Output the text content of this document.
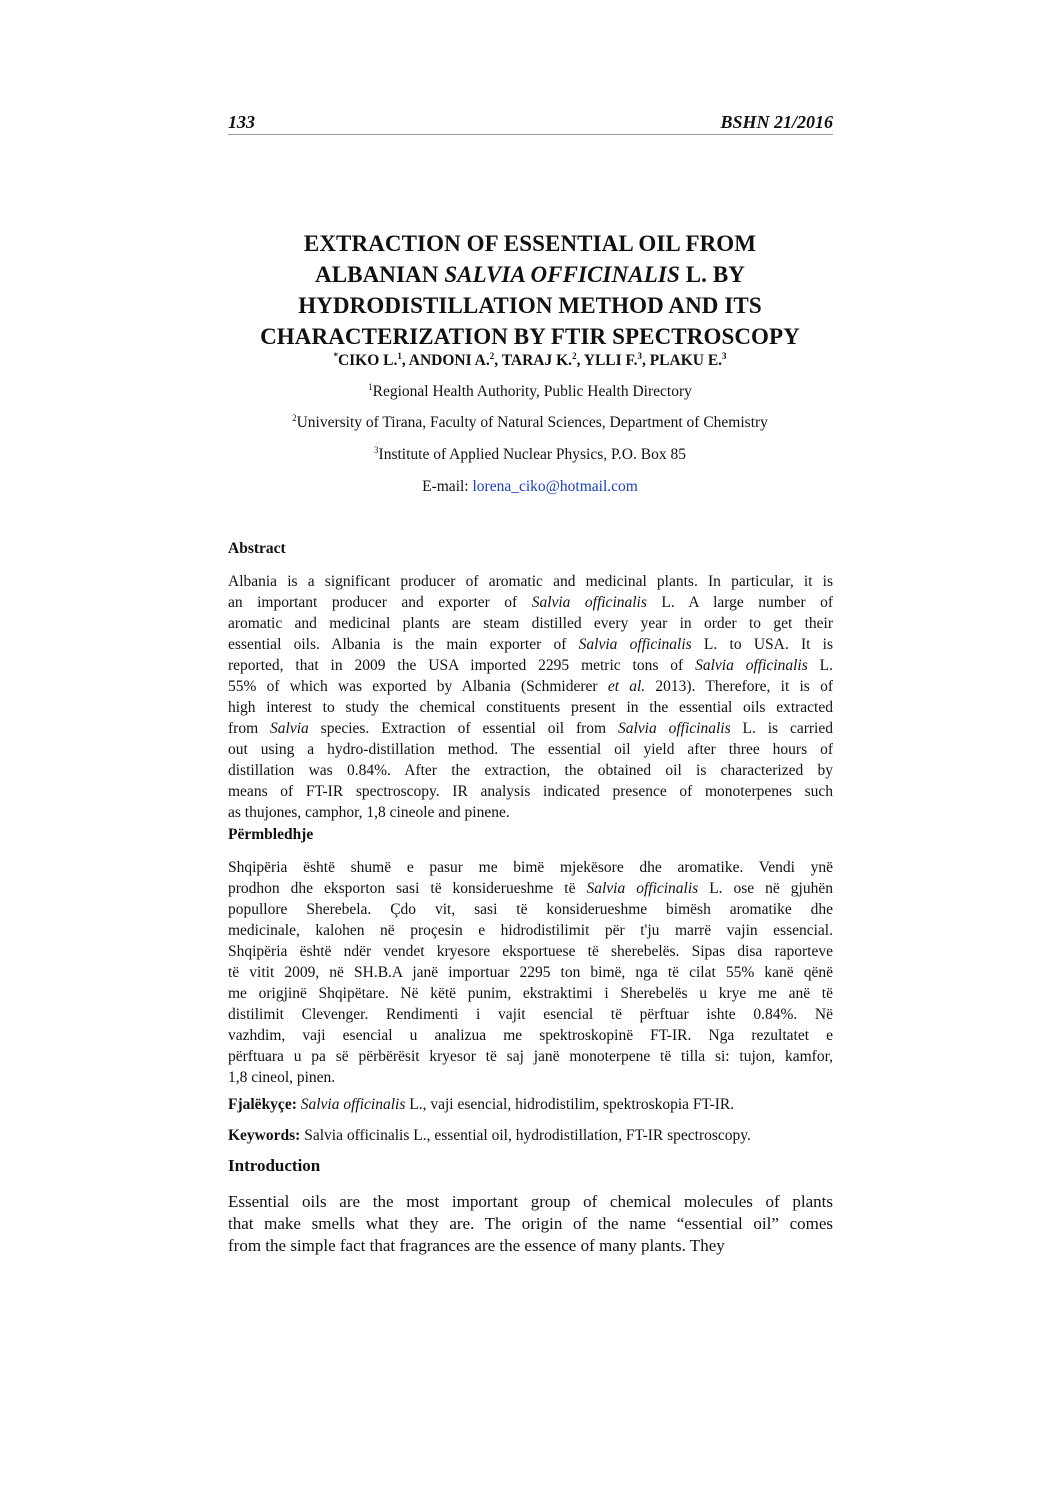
133	BSHN 21/2016
EXTRACTION OF ESSENTIAL OIL FROM
ALBANIAN SALVIA OFFICINALIS L. BY
HYDRODISTILLATION METHOD AND ITS
CHARACTERIZATION BY FTIR SPECTROSCOPY
*CIKO L.$^1$, ANDONI A.$^2$, TARAJ K.$^2$, YLLI F.$^3$, PLAKU E.$^3$
$^1$Regional Health Authority, Public Health Directory
$^2$University of Tirana, Faculty of Natural Sciences, Department of Chemistry
$^3$Institute of Applied Nuclear Physics, P.O. Box 85
E-mail: lorena_ciko@hotmail.com
Abstract
Albania is a significant producer of aromatic and medicinal plants. In particular, it is
an important producer and exporter of Salvia officinalis L. A large number of
aromatic and medicinal plants are steam distilled every year in order to get their
essential oils. Albania is the main exporter of Salvia officinalis L. to USA. It is
reported, that in 2009 the USA imported 2295 metric tons of Salvia officinalis L.
55% of which was exported by Albania (Schmiderer et al. 2013). Therefore, it is of
high interest to study the chemical constituents present in the essential oils extracted
from Salvia species. Extraction of essential oil from Salvia officinalis L. is carried
out using a hydro-distillation method. The essential oil yield after three hours of
distillation was 0.84%. After the extraction, the obtained oil is characterized by
means of FT-IR spectroscopy. IR analysis indicated presence of monoterpenes such
as thujones, camphor, 1,8 cineole and pinene.
Përmbledhje
Shqipëria është shumë e pasur me bimë mjekësore dhe aromatike. Vendi ynë
prodhon dhe eksporton sasi të konsiderueshme të Salvia officinalis L. ose në gjuhën
popullore Sherebela. Çdo vit, sasi të konsiderueshme bimësh aromatike dhe
medicinale, kalohen në proçesin e hidrodistilimit për t'ju marrë vajin essencial.
Shqipëria është ndër vendet kryesore eksportuese të sherebelës. Sipas disa raporteve
të vitit 2009, në SH.B.A janë importuar 2295 ton bimë, nga të cilat 55% kanë qënë
me origjinë Shqipëtare. Në këtë punim, ekstraktimi i Sherebelës u krye me anë të
distilimit Clevenger. Rendimenti i vajit esencial të përftuar ishte 0.84%. Në
vazhdim, vaji esencial u analizua me spektroskopinë FT-IR. Nga rezultatet e
përftuara u pa së përbërësit kryesor të saj janë monoterpene të tilla si: tujon, kamfor,
1,8 cineol, pinen.
Fjalëkyçe: Salvia officinalis L., vaji esencial, hidrodistilim, spektroskopia FT-IR.
Keywords: Salvia officinalis L., essential oil, hydrodistillation, FT-IR spectroscopy.
Introduction
Essential oils are the most important group of chemical molecules of plants
that make smells what they are. The origin of the name “essential oil” comes
from the simple fact that fragrances are the essence of many plants. They
